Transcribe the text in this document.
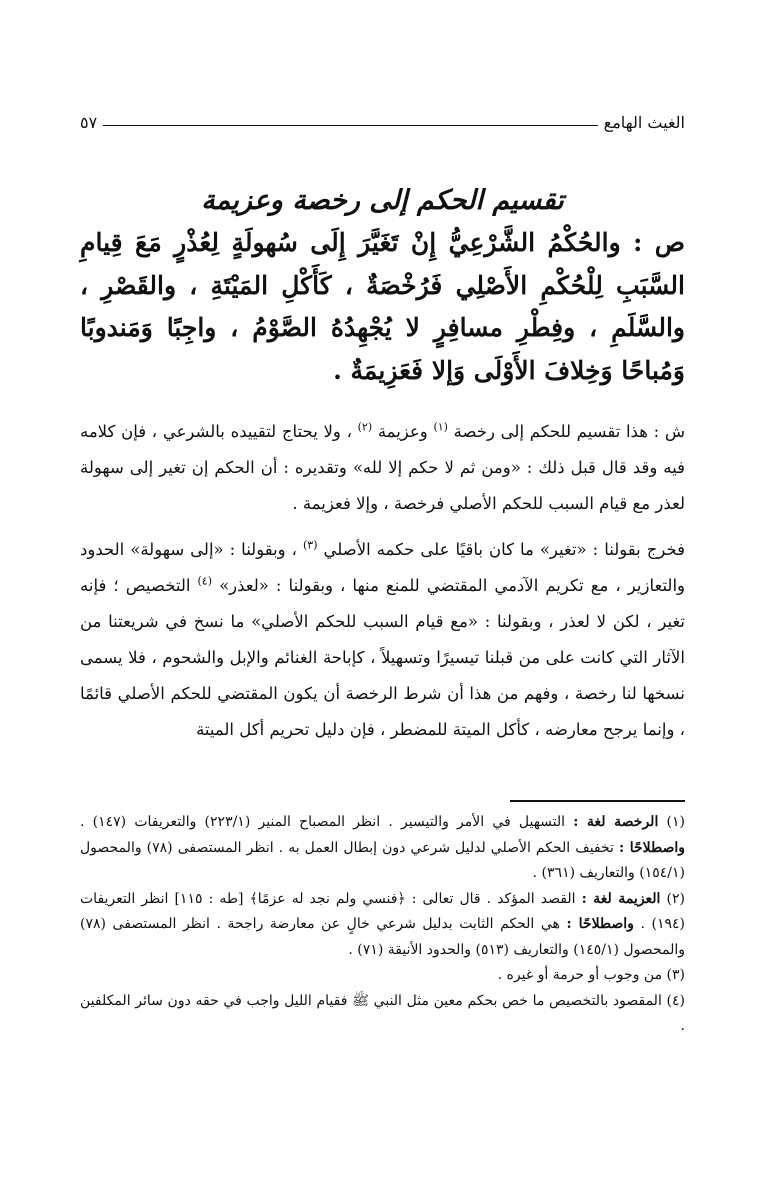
الغيث الهامع
٥٧
تقسيم الحكم إلى رخصة وعزيمة

ص : والحُكْمُ الشَّرْعِيُّ إِنْ تَغَيَّرَ إِلَى سُهولَةٍ لِعُذْرٍ مَعَ قِيامِ السَّبَبِ لِلْحُكْمِ الأَصْلِي فَرُخْصَةٌ ، كَأَكْلِ المَيْتَةِ ، والقَصْرِ ، والسَّلَمِ ، وفِطْرِ مسافِرٍ لا يُجْهِدُهُ الصَّوْمُ ، واجِبًا وَمَندوبًا وَمُباحًا وَخِلافَ الأَوْلَى وَإلا فَعَزِيمَةٌ .

ش : هذا تقسيم للحكم إلى رخصة $^{(١)}$ وعزيمة $^{(٢)}$ ، ولا يحتاج لتقييده بالشرعي ، فإن كلامه فيه وقد قال قبل ذلك : «ومن ثم لا حكم إلا لله» وتقديره : أن الحكم إن تغير إلى سهولة لعذر مع قيام السبب للحكم الأصلي فرخصة ، وإلا فعزيمة .

فخرج بقولنا : «تغير» ما كان باقيًا على حكمه الأصلي $^{(٣)}$ ، وبقولنا : «إلى سهولة» الحدود والتعازير ، مع تكريم الآدمي المقتضي للمنع منها ، وبقولنا : «لعذر» $^{(٤)}$ التخصيص ؛ فإنه تغير ، لكن لا لعذر ، وبقولنا : «مع قيام السبب للحكم الأصلي» ما نسخ في شريعتنا من الآثار التي كانت على من قبلنا تيسيرًا وتسهيلاً ، كإباحة الغنائم والإبل والشحوم ، فلا يسمى نسخها لنا رخصة ، وفهم من هذا أن شرط الرخصة أن يكون المقتضي للحكم الأصلي قائمًا ، وإنما يرجح معارضه ، كأكل الميتة للمضطر ، فإن دليل تحريم أكل الميتة

(١) الرخصة لغة : التسهيل في الأمر والتيسير . انظر المصباح المنير (٢٢٣/١) والتعريفات (١٤٧) . واصطلاحًا : تخفيف الحكم الأصلي لدليل شرعي دون إبطال العمل به . انظر المستصفى (٧٨) والمحصول (١٥٤/١) والتعاريف (٣٦١) .

(٢) العزيمة لغة : القصد المؤكد . قال تعالى : ﴿فنسي ولم نجد له عزمًا﴾ [طه : ١١٥] انظر التعريفات (١٩٤) . واصطلاحًا : هي الحكم الثابت بدليل شرعي خالٍ عن معارضة راجحة . انظر المستصفى (٧٨) والمحصول (١٤٥/١) والتعاريف (٥١٣) والحدود الأنيقة (٧١) .

(٣) من وجوب أو حرمة أو غيره .

(٤) المقصود بالتخصيص ما خص بحكم معين مثل النبي ﷺ فقيام الليل واجب في حقه دون سائر المكلفين .
